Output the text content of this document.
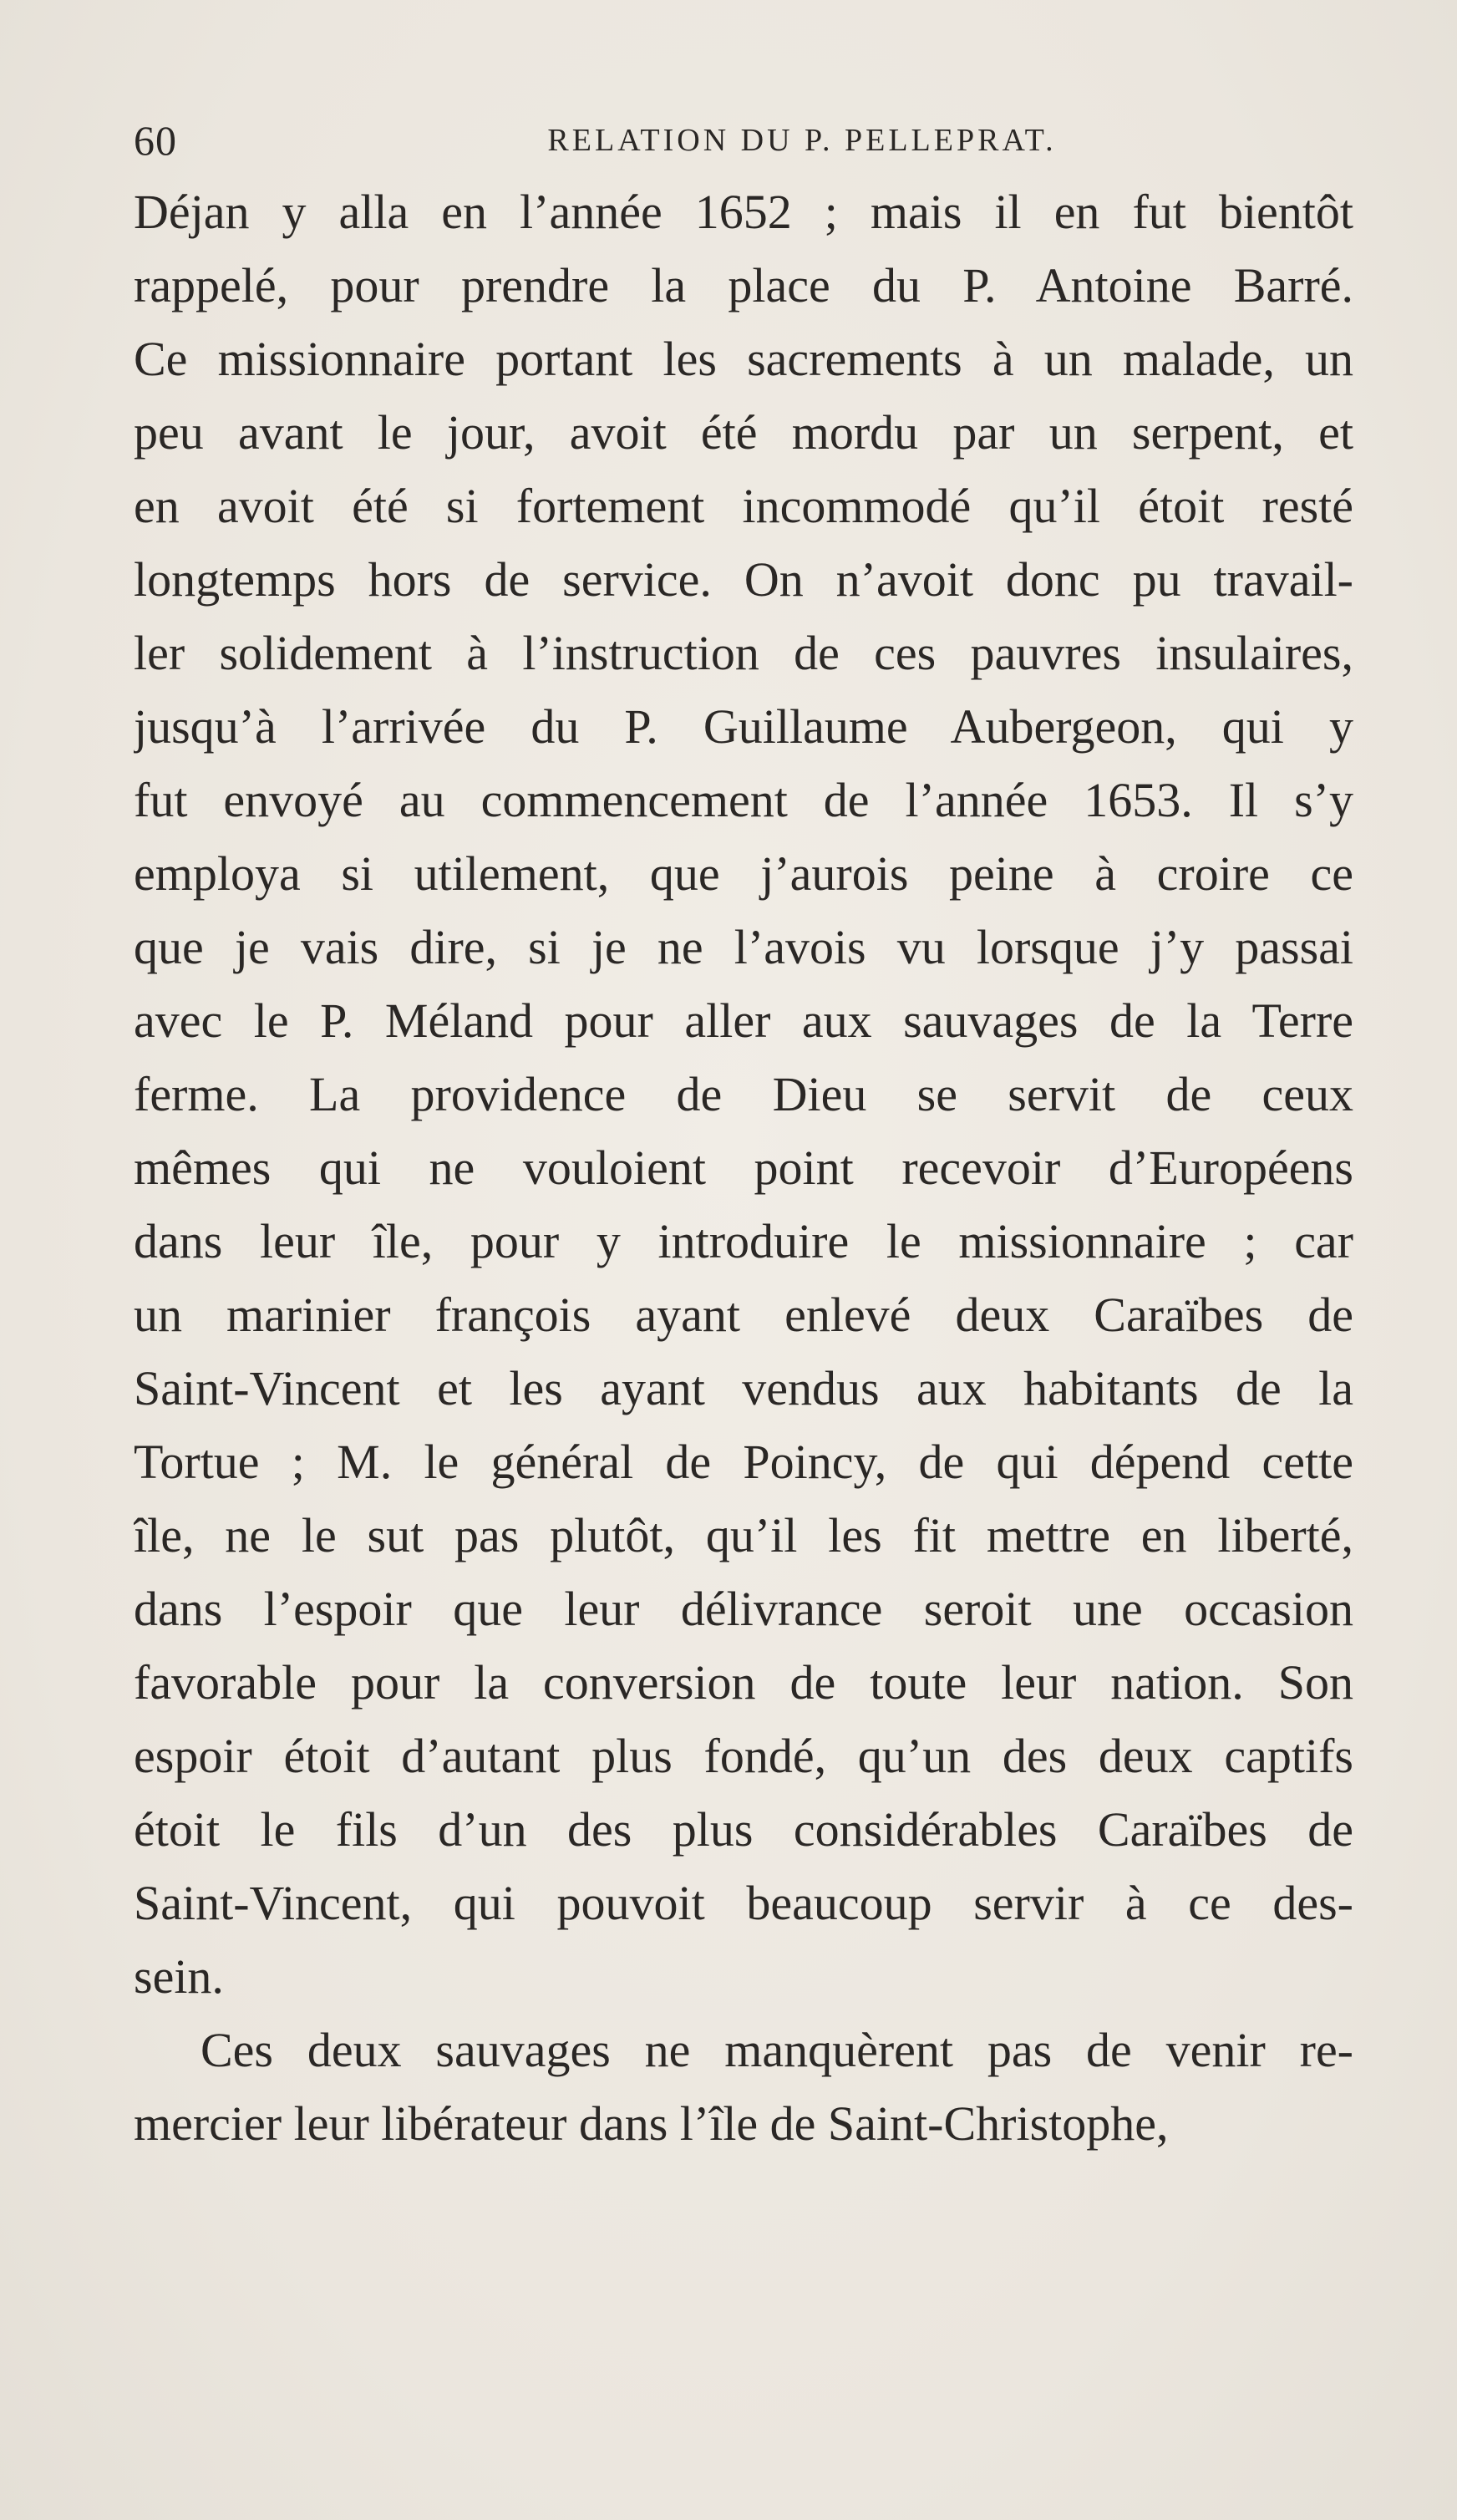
60	RELATION DU P. PELLEPRAT.
Déjan y alla en l’année 1652 ; mais il en fut bientôt
rappelé, pour prendre la place du P. Antoine Barré.
Ce missionnaire portant les sacrements à un malade, un
peu avant le jour, avoit été mordu par un serpent, et
en avoit été si fortement incommodé qu’il étoit resté
longtemps hors de service. On n’avoit donc pu travail-
ler solidement à l’instruction de ces pauvres insulaires,
jusqu’à l’arrivée du P. Guillaume Aubergeon, qui y
fut envoyé au commencement de l’année 1653. Il s’y
employa si utilement, que j’aurois peine à croire ce
que je vais dire, si je ne l’avois vu lorsque j’y passai
avec le P. Méland pour aller aux sauvages de la Terre
ferme. La providence de Dieu se servit de ceux
mêmes qui ne vouloient point recevoir d’Européens
dans leur île, pour y introduire le missionnaire ; car
un marinier françois ayant enlevé deux Caraïbes de
Saint-Vincent et les ayant vendus aux habitants de la
Tortue ; M. le général de Poincy, de qui dépend cette
île, ne le sut pas plutôt, qu’il les fit mettre en liberté,
dans l’espoir que leur délivrance seroit une occasion
favorable pour la conversion de toute leur nation. Son
espoir étoit d’autant plus fondé, qu’un des deux captifs
étoit le fils d’un des plus considérables Caraïbes de
Saint-Vincent, qui pouvoit beaucoup servir à ce des-
sein.
Ces deux sauvages ne manquèrent pas de venir re-
mercier leur libérateur dans l’île de Saint-Christophe,
